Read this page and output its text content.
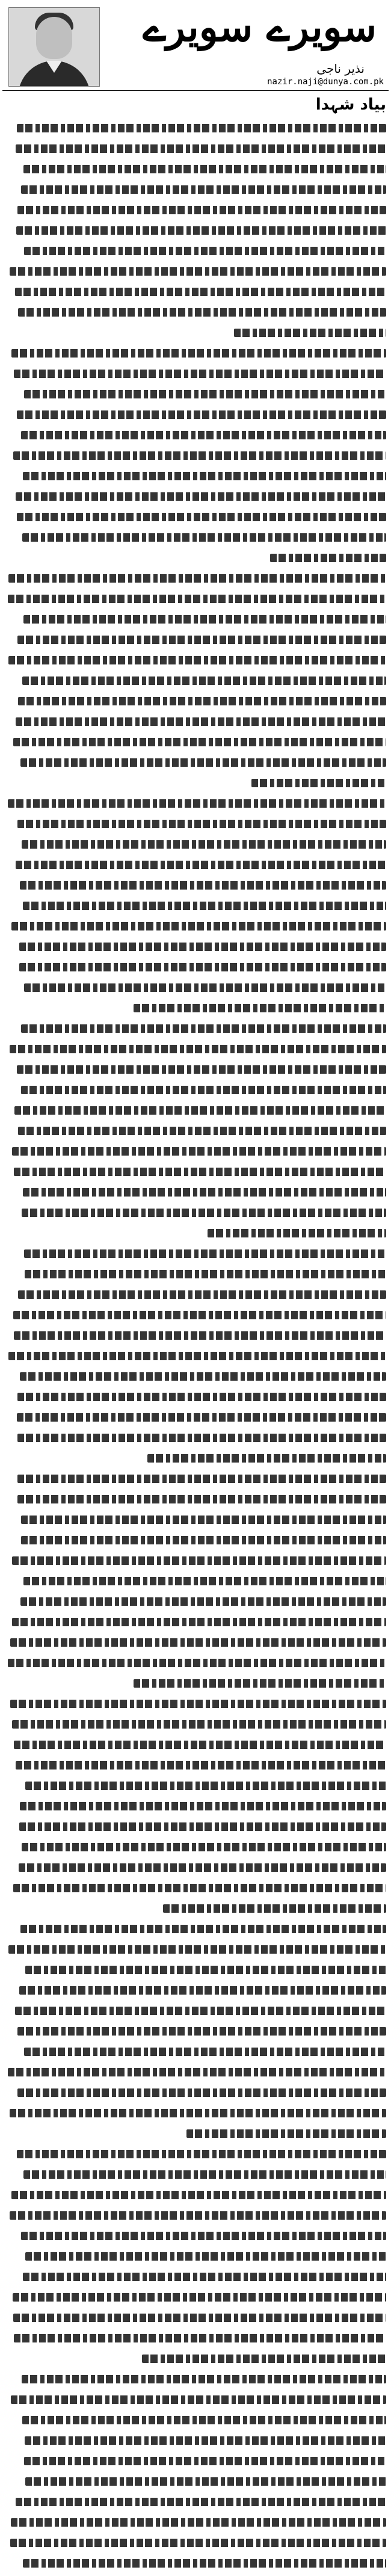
سویرے سویرے
نذیر ناجی
nazir.naji@dunya.com.pk
بیاد شہدا
